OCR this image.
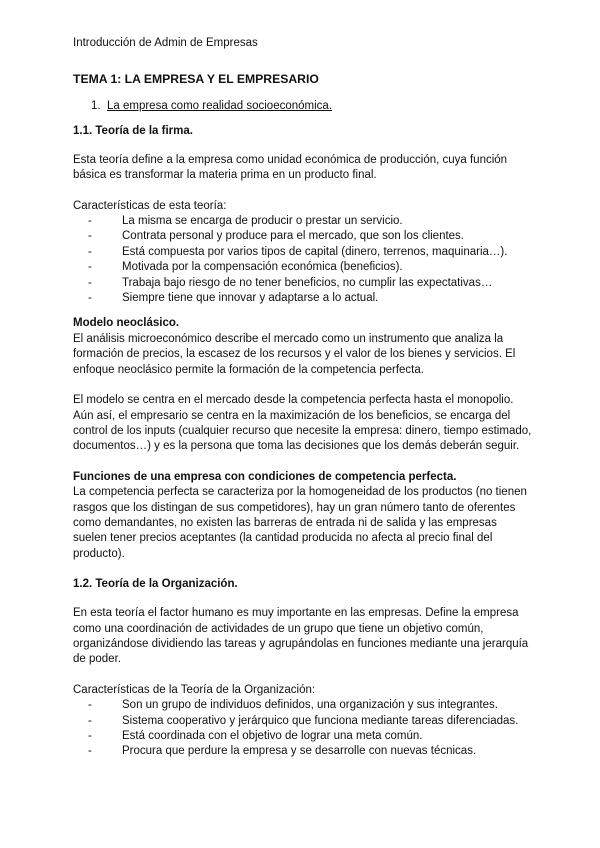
Introducción de Admin de Empresas
TEMA 1: LA EMPRESA Y EL EMPRESARIO
1. La empresa como realidad socioeconómica.
1.1. Teoría de la firma.

Esta teoría define a la empresa como unidad económica de producción, cuya función básica es transformar la materia prima en un producto final.

Características de esta teoría:

-	La misma se encarga de producir o prestar un servicio.
-	Contrata personal y produce para el mercado, que son los clientes.
-	Está compuesta por varios tipos de capital (dinero, terrenos, maquinaria…).
-	Motivada por la compensación económica (beneficios).
-	Trabaja bajo riesgo de no tener beneficios, no cumplir las expectativas…
-	Siempre tiene que innovar y adaptarse a lo actual.

Modelo neoclásico.

El análisis microeconómico describe el mercado como un instrumento que analiza la formación de precios, la escasez de los recursos y el valor de los bienes y servicios. El enfoque neoclásico permite la formación de la competencia perfecta.

El modelo se centra en el mercado desde la competencia perfecta hasta el monopolio. Aún así, el empresario se centra en la maximización de los beneficios, se encarga del control de los inputs (cualquier recurso que necesite la empresa: dinero, tiempo estimado, documentos…) y es la persona que toma las decisiones que los demás deberán seguir.

Funciones de una empresa con condiciones de competencia perfecta.

La competencia perfecta se caracteriza por la homogeneidad de los productos (no tienen rasgos que los distingan de sus competidores), hay un gran número tanto de oferentes como demandantes, no existen las barreras de entrada ni de salida y las empresas suelen tener precios aceptantes (la cantidad producida no afecta al precio final del producto).

1.2. Teoría de la Organización.

En esta teoría el factor humano es muy importante en las empresas. Define la empresa como una coordinación de actividades de un grupo que tiene un objetivo común, organizándose dividiendo las tareas y agrupándolas en funciones mediante una jerarquía de poder.

Características de la Teoría de la Organización:

-	Son un grupo de individuos definidos, una organización y sus integrantes.
-	Sistema cooperativo y jerárquico que funciona mediante tareas diferenciadas.
-	Está coordinada con el objetivo de lograr una meta común.
-	Procura que perdure la empresa y se desarrolle con nuevas técnicas.
